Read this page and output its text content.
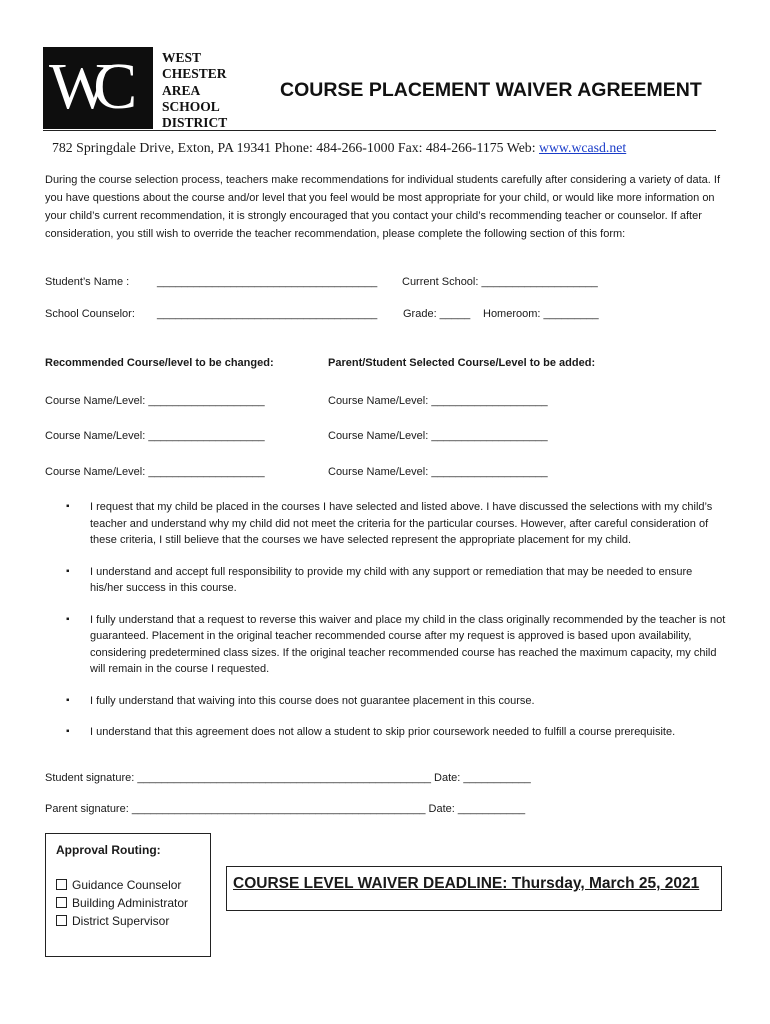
WC	WEST
CHESTER
AREA
SCHOOL
DISTRICT
COURSE PLACEMENT WAIVER AGREEMENT
782 Springdale Drive, Exton, PA 19341 Phone: 484-266-1000 Fax: 484-266-1175 Web: www.wcasd.net
During the course selection process, teachers make recommendations for individual students carefully after considering a variety of data. If you have questions about the course and/or level that you feel would be most appropriate for your child, or would like more information on your child’s current recommendation, it is strongly encouraged that you contact your child’s recommending teacher or counselor. If after consideration, you still wish to override the teacher recommendation, please complete the following section of this form:
Student’s Name :	____________________________________ Current School: ___________________
School Counselor: ____________________________________ Grade: _____ Homeroom: _________
Recommended Course/level to be changed:	Parent/Student Selected Course/Level to be added:
Course Name/Level: ___________________	Course Name/Level: ___________________
Course Name/Level: ___________________	Course Name/Level: ___________________
Course Name/Level: ___________________	Course Name/Level: ___________________
▪ I request that my child be placed in the courses I have selected and listed above. I have discussed the selections with my child’s teacher and understand why my child did not meet the criteria for the particular courses. However, after careful consideration of these criteria, I still believe that the courses we have selected represent the appropriate placement for my child.
▪ I understand and accept full responsibility to provide my child with any support or remediation that may be needed to ensure his/her success in this course.
▪ I fully understand that a request to reverse this waiver and place my child in the class originally recommended by the teacher is not guaranteed. Placement in the original teacher recommended course after my request is approved is based upon availability, considering predetermined class sizes. If the original teacher recommended course has reached the maximum capacity, my child will remain in the course I requested.
▪ I fully understand that waiving into this course does not guarantee placement in this course.
▪ I understand that this agreement does not allow a student to skip prior coursework needed to fulfill a course prerequisite.
Student signature: ________________________________________________ Date: ___________
Parent signature: ________________________________________________ Date: ___________
Approval Routing:
Guidance Counselor
Building Administrator
District Supervisor
COURSE LEVEL WAIVER DEADLINE: Thursday, March 25, 2021
